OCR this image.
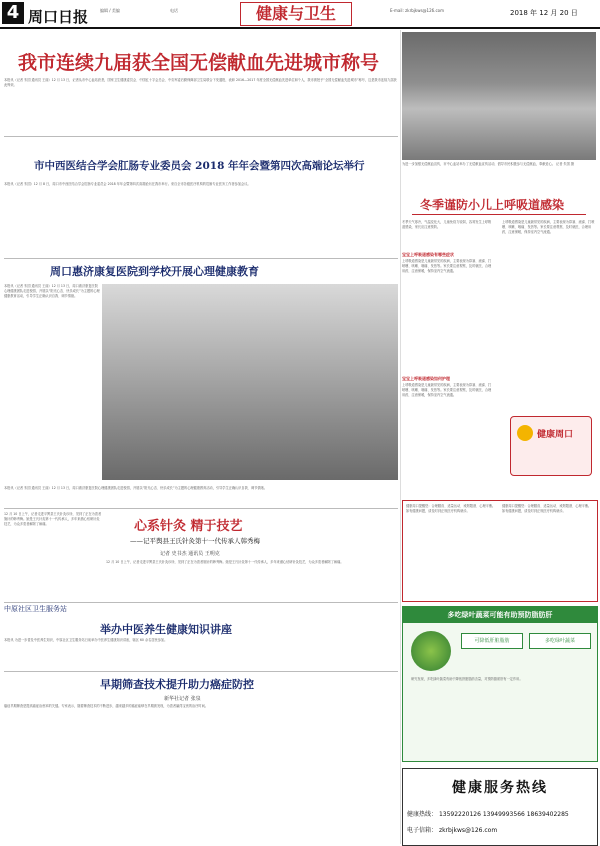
4 周口日报	编辑 / 美编	电话	健康与卫生	E-mail: zkrbjkws@126.com	2018 年 12 月 20 日
我市连续九届获全国无偿献血先进城市称号
本报讯（记者 朱国 通讯员 王丽）12 月 13 日，记者从市中心血站获悉，国家卫生健康委员会、中国红十字会总会、中央军委后勤保障部卫生局联合下发通报，表彰 2016—2017 年度全国无偿献血先进单位和个人，我市被授予“全国无偿献血先进城市”称号，这是我市连续九届获此殊荣。
为进一步加强无偿献血宣传，市中心血站举办了无偿献血宣传活动，倡导市民积极参与无偿献血，奉献爱心。 记者 朱国 摄
市中西医结合学会肛肠专业委员会 2018 年年会暨第四次高端论坛举行
本报讯（记者 朱国）12 月 8 日，周口市中西医结合学会肛肠专业委员会 2018 年年会暨第四次高端论坛在我市举行。来自全市各级医疗机构的肛肠专业医务工作者参加会议。
周口惠济康复医院到学校开展心理健康教育
本报讯（记者 朱国 通讯员 王丽）12 月 13 日，周口惠济康复医院心理健康团队走进校园，开展以“阳光心态、快乐成长”为主题的心理健康教育活动，引导学生正确认识自我、调节情绪。
本报讯（记者 朱国 通讯员 王丽）12 月 13 日，周口惠济康复医院心理健康团队走进校园，开展以“阳光心态、快乐成长”为主题的心理健康教育活动，引导学生正确认识自我、调节情绪。
12 月 10 日上午，记者走进平舆县王氏针灸诊所，见到了正在为患者施针的韩秀梅。她是王氏针灸第十一代传承人，多年来潜心钻研针灸技艺，为众多患者解除了病痛。	心系针灸 精于技艺
——记平舆县王氏针灸第十一代传承人韩秀梅
记者 史书杰 通讯员 王明克
12 月 10 日上午，记者走进平舆县王氏针灸诊所，见到了正在为患者施针的韩秀梅。她是王氏针灸第十一代传承人，多年来潜心钻研针灸技艺，为众多患者解除了病痛。
中原社区卫生服务站
举办中医养生健康知识讲座
本报讯 为进一步普及中医养生知识，中原社区卫生服务站日前举办中医养生健康知识讲座，辖区 60 余名居民参加。
早期筛查技术提升助力癌症防控
新华社记者 张泉
癌症早期筛查是提高癌症治愈率的关键。专家表示，随着筛查技术的不断进步，越来越多的癌症能够在早期被发现，为患者赢得宝贵的治疗时间。
冬季谨防小儿上呼吸道感染
冬季天气寒冷，气温变化大，儿童免疫力较弱，容易发生上呼吸道感染，家长应注意预防。
宝宝上呼吸道感染有哪些症状
上呼吸道感染是儿童最常见的疾病，主要表现为鼻塞、流涕、打喷嚏、咳嗽、咽痛、发热等。家长要注意观察，及时就医，合理用药，注意保暖，保持室内空气流通。
宝宝上呼吸道感染如何护理
上呼吸道感染是儿童最常见的疾病，主要表现为鼻塞、流涕、打喷嚏、咳嗽、咽痛、发热等。家长要注意观察，及时就医，合理用药，注意保暖，保持室内空气流通。
上呼吸道感染是儿童最常见的疾病，主要表现为鼻塞、流涕、打喷嚏、咳嗽、咽痛、发热等。家长要注意观察，及时就医，合理用药，注意保暖，保持室内空气流通。
健康周口
健康周口提醒您：合理膳食、适量运动、戒烟限酒、心理平衡。如有健康问题，请及时到正规医疗机构就诊。
健康周口提醒您：合理膳食、适量运动、戒烟限酒、心理平衡。如有健康问题，请及时到正规医疗机构就诊。
多吃绿叶蔬菜可能有助预防脂肪肝
可降低肝脏脂肪	多吃绿叶蔬菜
研究发现，多吃绿叶蔬菜有助于降低肝脏脂肪含量，对预防脂肪肝有一定作用。
健康服务热线
健康热线： 13592220126 13949993566 18639402285
电子信箱： zkrbjkws@126.com
